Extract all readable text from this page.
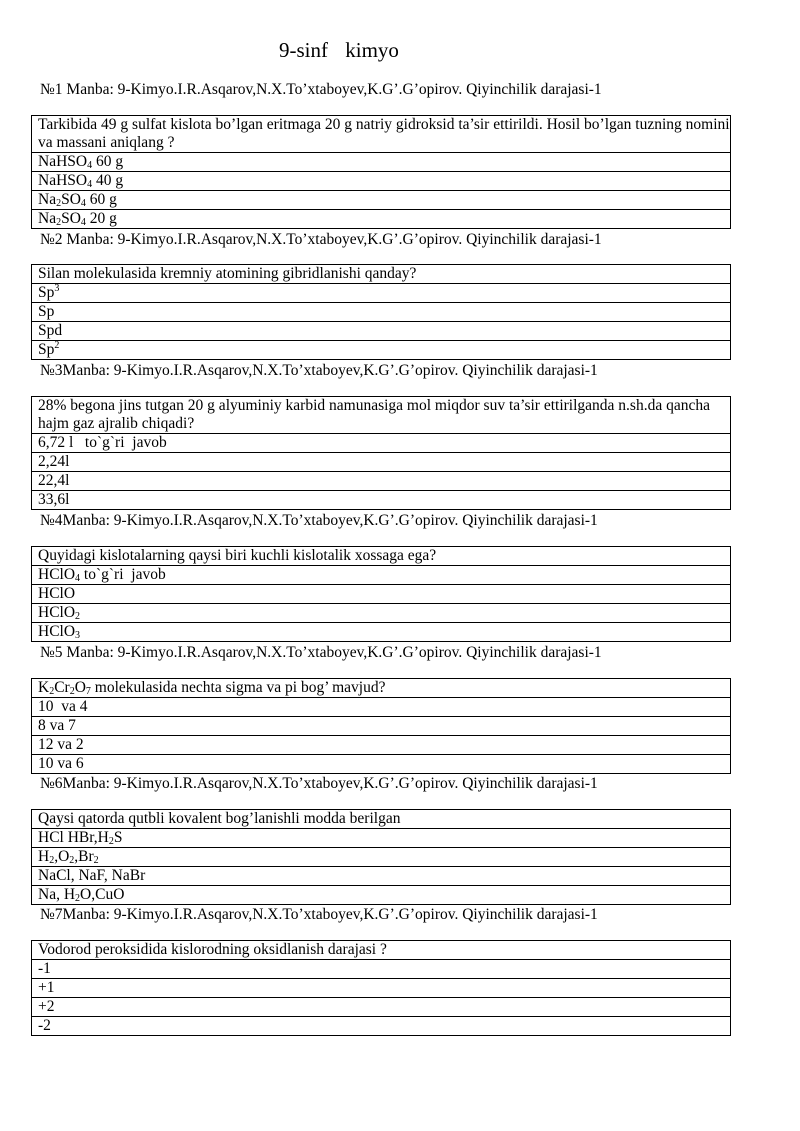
9-sinf kimyo
№1 Manba: 9-Kimyo.I.R.Asqarov,N.X.To’xtaboyev,K.G’.G’opirov. Qiyinchilik darajasi-1
Tarkibida 49 g sulfat kislota bo’lgan eritmaga 20 g natriy gidroksid ta’sir ettirildi. Hosil bo’lgan tuzning nomini va massani aniqlang ?
NaHSO$_4$ 60 g
NaHSO$_4$ 40 g
$Na_2SO_4$ 60 g
$Na_2SO_4$ 20 g
№2 Manba: 9-Kimyo.I.R.Asqarov,N.X.To’xtaboyev,K.G’.G’opirov. Qiyinchilik darajasi-1
Silan molekulasida kremniy atomining gibridlanishi qanday?
Sp$^3$
Sp
Spd
Sp$^2$
№3Manba: 9-Kimyo.I.R.Asqarov,N.X.To’xtaboyev,K.G’.G’opirov. Qiyinchilik darajasi-1
28% begona jins tutgan 20 g alyuminiy karbid namunasiga mol miqdor suv ta’sir ettirilganda n.sh.da qancha hajm gaz ajralib chiqadi?
6,72 l   to`g`ri  javob
2,24l
22,4l
33,6l
№4Manba: 9-Kimyo.I.R.Asqarov,N.X.To’xtaboyev,K.G’.G’opirov. Qiyinchilik darajasi-1
Quyidagi kislotalarning qaysi biri kuchli kislotalik xossaga ega?
HClO$_4$ to`g`ri  javob
HClO
HClO$_2$
HClO$_3$
№5 Manba: 9-Kimyo.I.R.Asqarov,N.X.To’xtaboyev,K.G’.G’opirov. Qiyinchilik darajasi-1
$K_2Cr_2O_7$ molekulasida nechta sigma va pi bog’ mavjud?
10  va 4
8 va 7
12 va 2
10 va 6
№6Manba: 9-Kimyo.I.R.Asqarov,N.X.To’xtaboyev,K.G’.G’opirov. Qiyinchilik darajasi-1
Qaysi qatorda qutbli kovalent bog’lanishli modda berilgan
HCl $HBr,H_2S$
$H_2,O_2,Br_2$
NaCl, NaF, NaBr
Na, $H_2O,CuO$
№7Manba: 9-Kimyo.I.R.Asqarov,N.X.To’xtaboyev,K.G’.G’opirov. Qiyinchilik darajasi-1
Vodorod peroksidida kislorodning oksidlanish darajasi ?
-1
+1
+2
-2
